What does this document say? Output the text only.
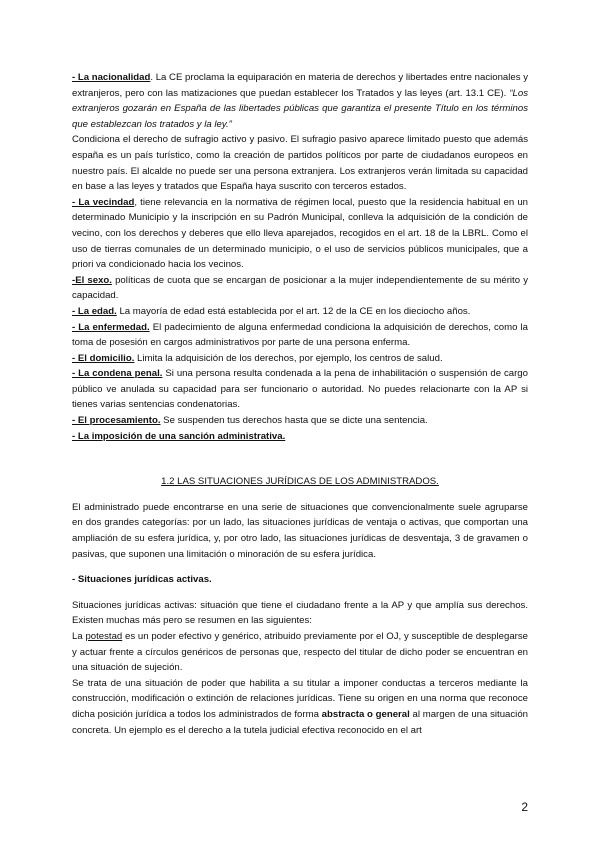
- La nacionalidad. La CE proclama la equiparación en materia de derechos y libertades entre nacionales y extranjeros, pero con las matizaciones que puedan establecer los Tratados y las leyes (art. 13.1 CE). “Los extranjeros gozarán en España de las libertades públicas que garantiza el presente Título en los términos que establezcan los tratados y la ley.”

Condiciona el derecho de sufragio activo y pasivo. El sufragio pasivo aparece limitado puesto que además españa es un país turístico, como la creación de partidos políticos por parte de ciudadanos europeos en nuestro país. El alcalde no puede ser una persona extranjera. Los extranjeros verán limitada su capacidad en base a las leyes y tratados que España haya suscrito con terceros estados.

- La vecindad, tiene relevancia en la normativa de régimen local, puesto que la residencia habitual en un determinado Municipio y la inscripción en su Padrón Municipal, conlleva la adquisición de la condición de vecino, con los derechos y deberes que ello lleva aparejados, recogidos en el art. 18 de la LBRL. Como el uso de tierras comunales de un determinado municipio, o el uso de servicios públicos municipales, que a priori va condicionado hacia los vecinos.

-El sexo. políticas de cuota que se encargan de posicionar a la mujer independientemente de su mérito y capacidad.

- La edad. La mayoría de edad está establecida por el art. 12 de la CE en los dieciocho años.

- La enfermedad. El padecimiento de alguna enfermedad condiciona la adquisición de derechos, como la toma de posesión en cargos administrativos por parte de una persona enferma.

- El domicilio. Limita la adquisición de los derechos, por ejemplo, los centros de salud.

- La condena penal. Si una persona resulta condenada a la pena de inhabilitación o suspensión de cargo público ve anulada su capacidad para ser funcionario o autoridad. No puedes relacionarte con la AP si tienes varias sentencias condenatorias.

- El procesamiento. Se suspenden tus derechos hasta que se dicte una sentencia.

- La imposición de una sanción administrativa.

1.2 LAS SITUACIONES JURÍDICAS DE LOS ADMINISTRADOS.

El administrado puede encontrarse en una serie de situaciones que convencionalmente suele agruparse en dos grandes categorías: por un lado, las situaciones jurídicas de ventaja o activas, que comportan una ampliación de su esfera jurídica, y, por otro lado, las situaciones jurídicas de desventaja, 3 de gravamen o pasivas, que suponen una limitación o minoración de su esfera jurídica.

- Situaciones jurídicas activas.

Situaciones jurídicas activas: situación que tiene el ciudadano frente a la AP y que amplía sus derechos. Existen muchas más pero se resumen en las siguientes:

La potestad es un poder efectivo y genérico, atribuido previamente por el OJ, y susceptible de desplegarse y actuar frente a círculos genéricos de personas que, respecto del titular de dicho poder se encuentran en una situación de sujeción.

Se trata de una situación de poder que habilita a su titular a imponer conductas a terceros mediante la construcción, modificación o extinción de relaciones jurídicas. Tiene su origen en una norma que reconoce dicha posición jurídica a todos los administrados de forma abstracta o general al margen de una situación concreta. Un ejemplo es el derecho a la tutela judicial efectiva reconocido en el art

2
